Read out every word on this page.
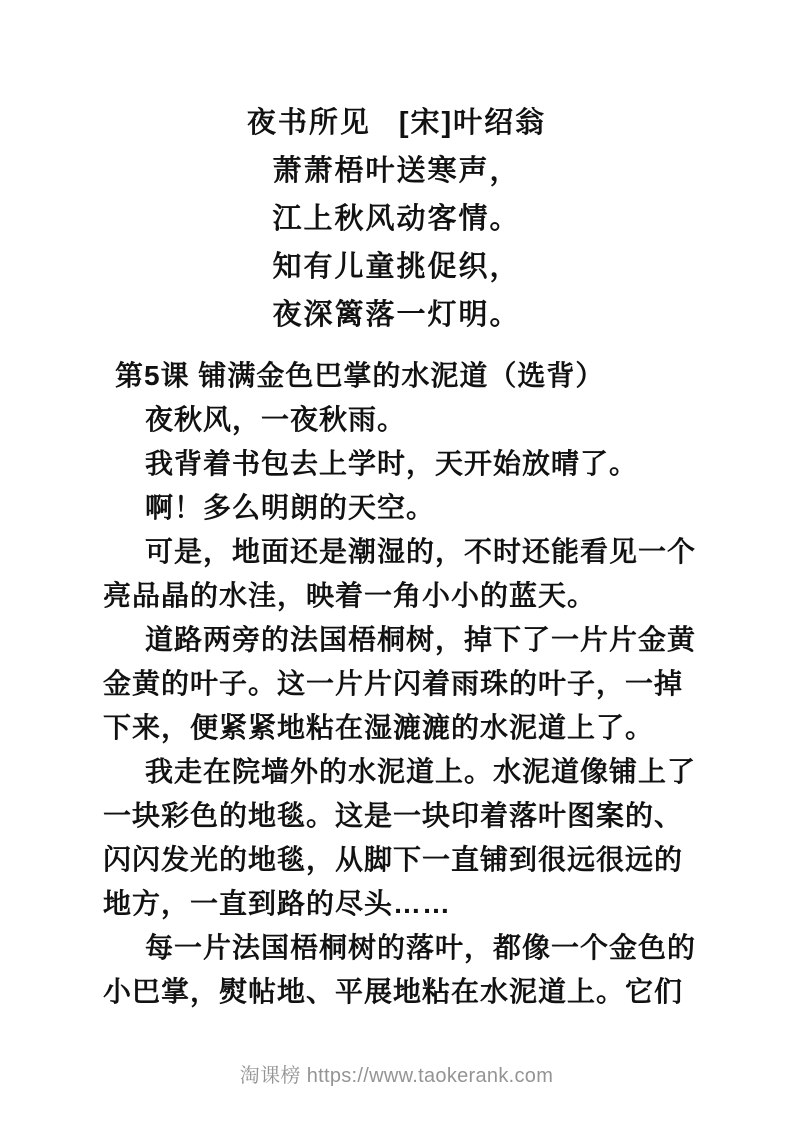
夜书所见 [宋]叶绍翁
萧萧梧叶送寒声，
江上秋风动客情。
知有儿童挑促织，
夜深篱落一灯明。
第5课 铺满金色巴掌的水泥道（选背）
夜秋风，一夜秋雨。
我背着书包去上学时，天开始放晴了。
啊！多么明朗的天空。
可是，地面还是潮湿的，不时还能看见一个
亮品晶的水洼，映着一角小小的蓝天。
道路两旁的法国梧桐树，掉下了一片片金黄
金黄的叶子。这一片片闪着雨珠的叶子，一掉
下来，便紧紧地粘在湿漉漉的水泥道上了。
我走在院墙外的水泥道上。水泥道像铺上了
一块彩色的地毯。这是一块印着落叶图案的、
闪闪发光的地毯，从脚下一直铺到很远很远的
地方，一直到路的尽头……
每一片法国梧桐树的落叶，都像一个金色的
小巴掌，熨帖地、平展地粘在水泥道上。它们
淘课榜 https://www.taokerank.com
